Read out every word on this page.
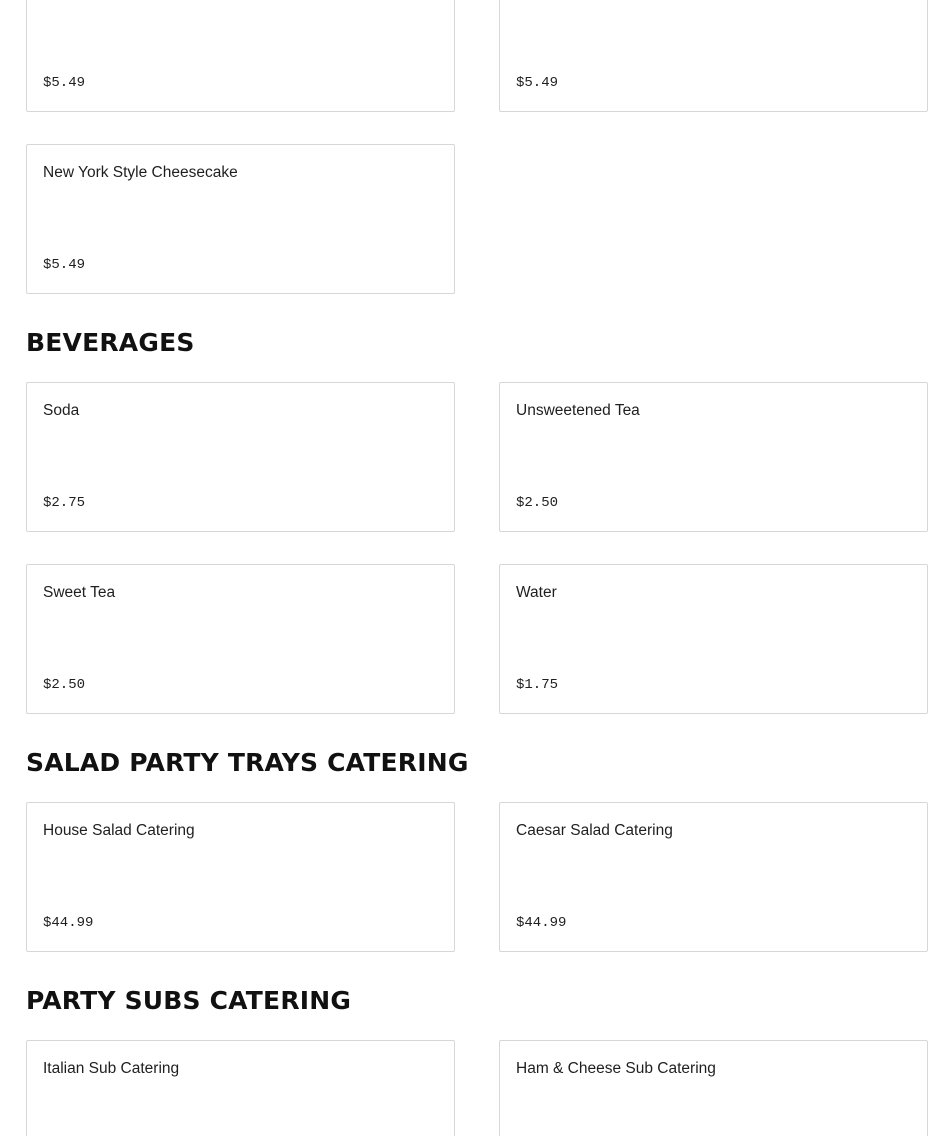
$5.49	$5.49
New York Style Cheesecake
$5.49
BEVERAGES
Soda
$2.75
Unsweetened Tea
$2.50
Sweet Tea
$2.50
Water
$1.75
SALAD PARTY TRAYS CATERING
House Salad Catering
$44.99
Caesar Salad Catering
$44.99
PARTY SUBS CATERING
Italian Sub Catering	Ham & Cheese Sub Catering
